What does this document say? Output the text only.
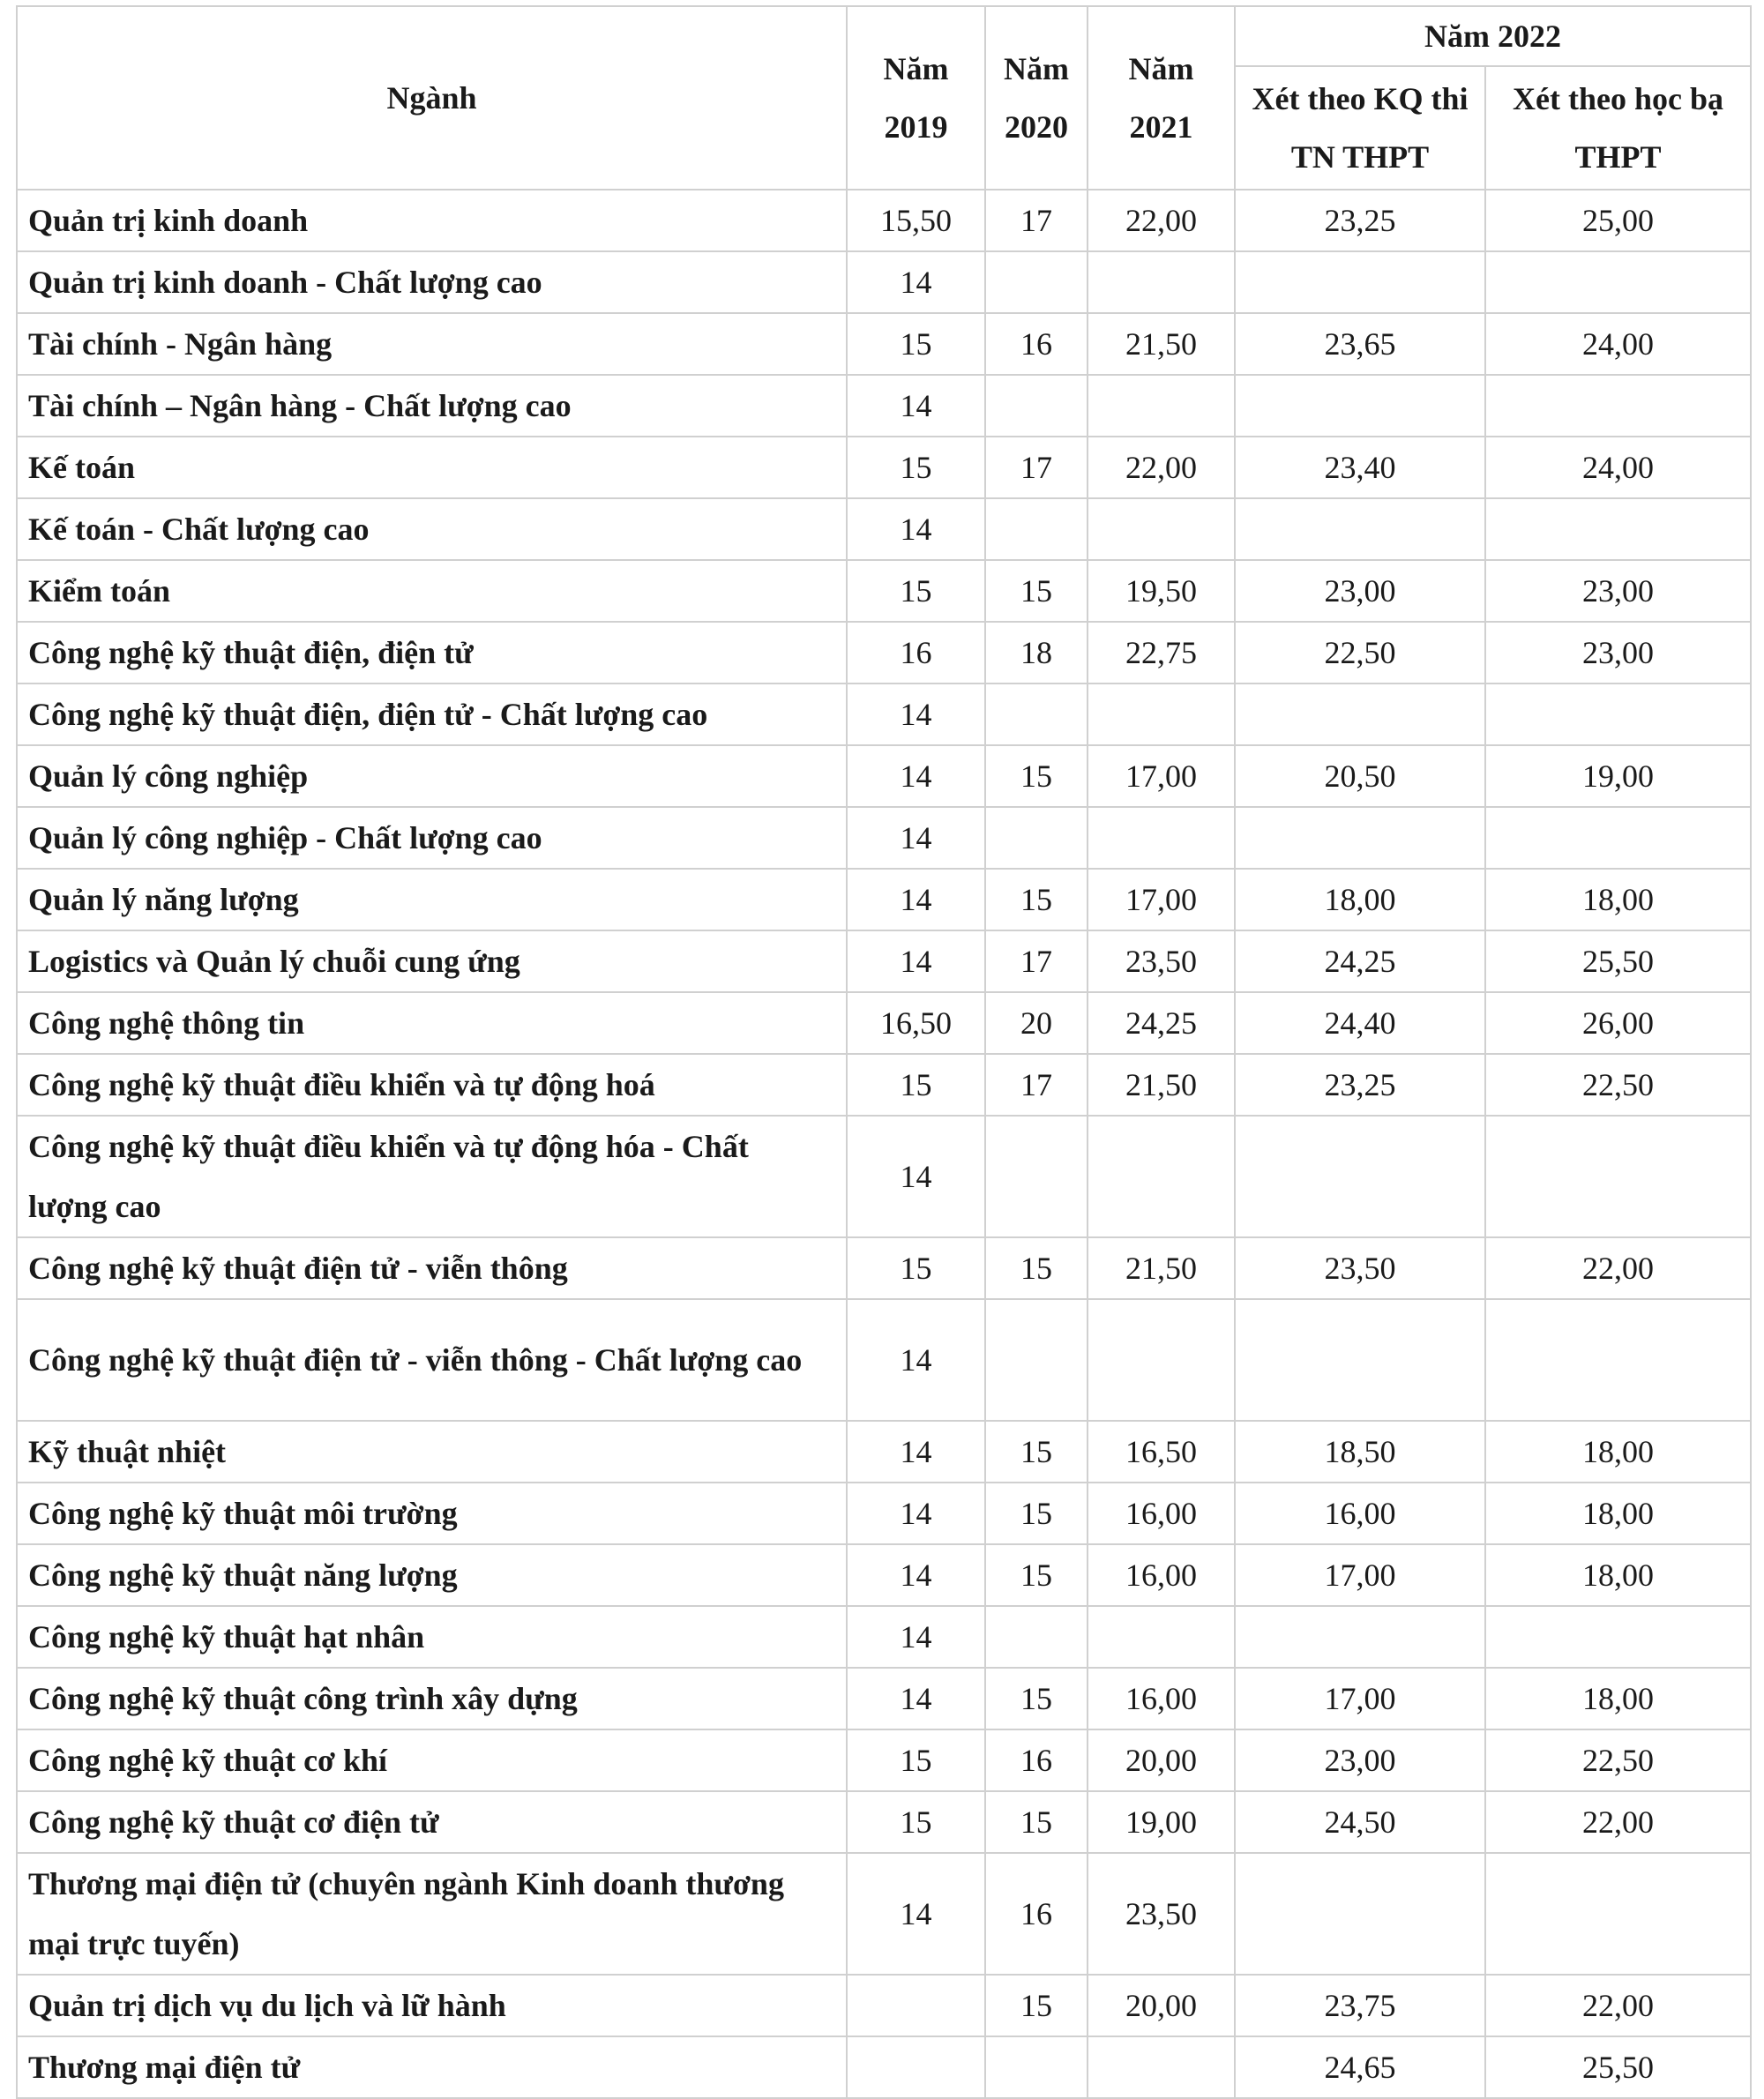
Ngành	Năm 2019	Năm 2020	Năm 2021	Năm 2022	
				Xét theo KQ thi TN THPT	Xét theo học bạ THPT
Quản trị kinh doanh	15,50	17	22,00	23,25	25,00
Quản trị kinh doanh - Chất lượng cao	14				
Tài chính - Ngân hàng	15	16	21,50	23,65	24,00
Tài chính – Ngân hàng - Chất lượng cao	14				
Kế toán	15	17	22,00	23,40	24,00
Kế toán - Chất lượng cao	14				
Kiểm toán	15	15	19,50	23,00	23,00
Công nghệ kỹ thuật điện, điện tử	16	18	22,75	22,50	23,00
Công nghệ kỹ thuật điện, điện tử - Chất lượng cao	14				
Quản lý công nghiệp	14	15	17,00	20,50	19,00
Quản lý công nghiệp - Chất lượng cao	14				
Quản lý năng lượng	14	15	17,00	18,00	18,00
Logistics và Quản lý chuỗi cung ứng	14	17	23,50	24,25	25,50
Công nghệ thông tin	16,50	20	24,25	24,40	26,00
Công nghệ kỹ thuật điều khiển và tự động hoá	15	17	21,50	23,25	22,50
Công nghệ kỹ thuật điều khiển và tự động hóa - Chất lượng cao	14				
Công nghệ kỹ thuật điện tử - viễn thông	15	15	21,50	23,50	22,00
Công nghệ kỹ thuật điện tử - viễn thông - Chất lượng cao	14				
Kỹ thuật nhiệt	14	15	16,50	18,50	18,00
Công nghệ kỹ thuật môi trường	14	15	16,00	16,00	18,00
Công nghệ kỹ thuật năng lượng	14	15	16,00	17,00	18,00
Công nghệ kỹ thuật hạt nhân	14				
Công nghệ kỹ thuật công trình xây dựng	14	15	16,00	17,00	18,00
Công nghệ kỹ thuật cơ khí	15	16	20,00	23,00	22,50
Công nghệ kỹ thuật cơ điện tử	15	15	19,00	24,50	22,00
Thương mại điện tử (chuyên ngành Kinh doanh thương mại trực tuyến)	14	16	23,50		
Quản trị dịch vụ du lịch và lữ hành		15	20,00	23,75	22,00
Thương mại điện tử				24,65	25,50
